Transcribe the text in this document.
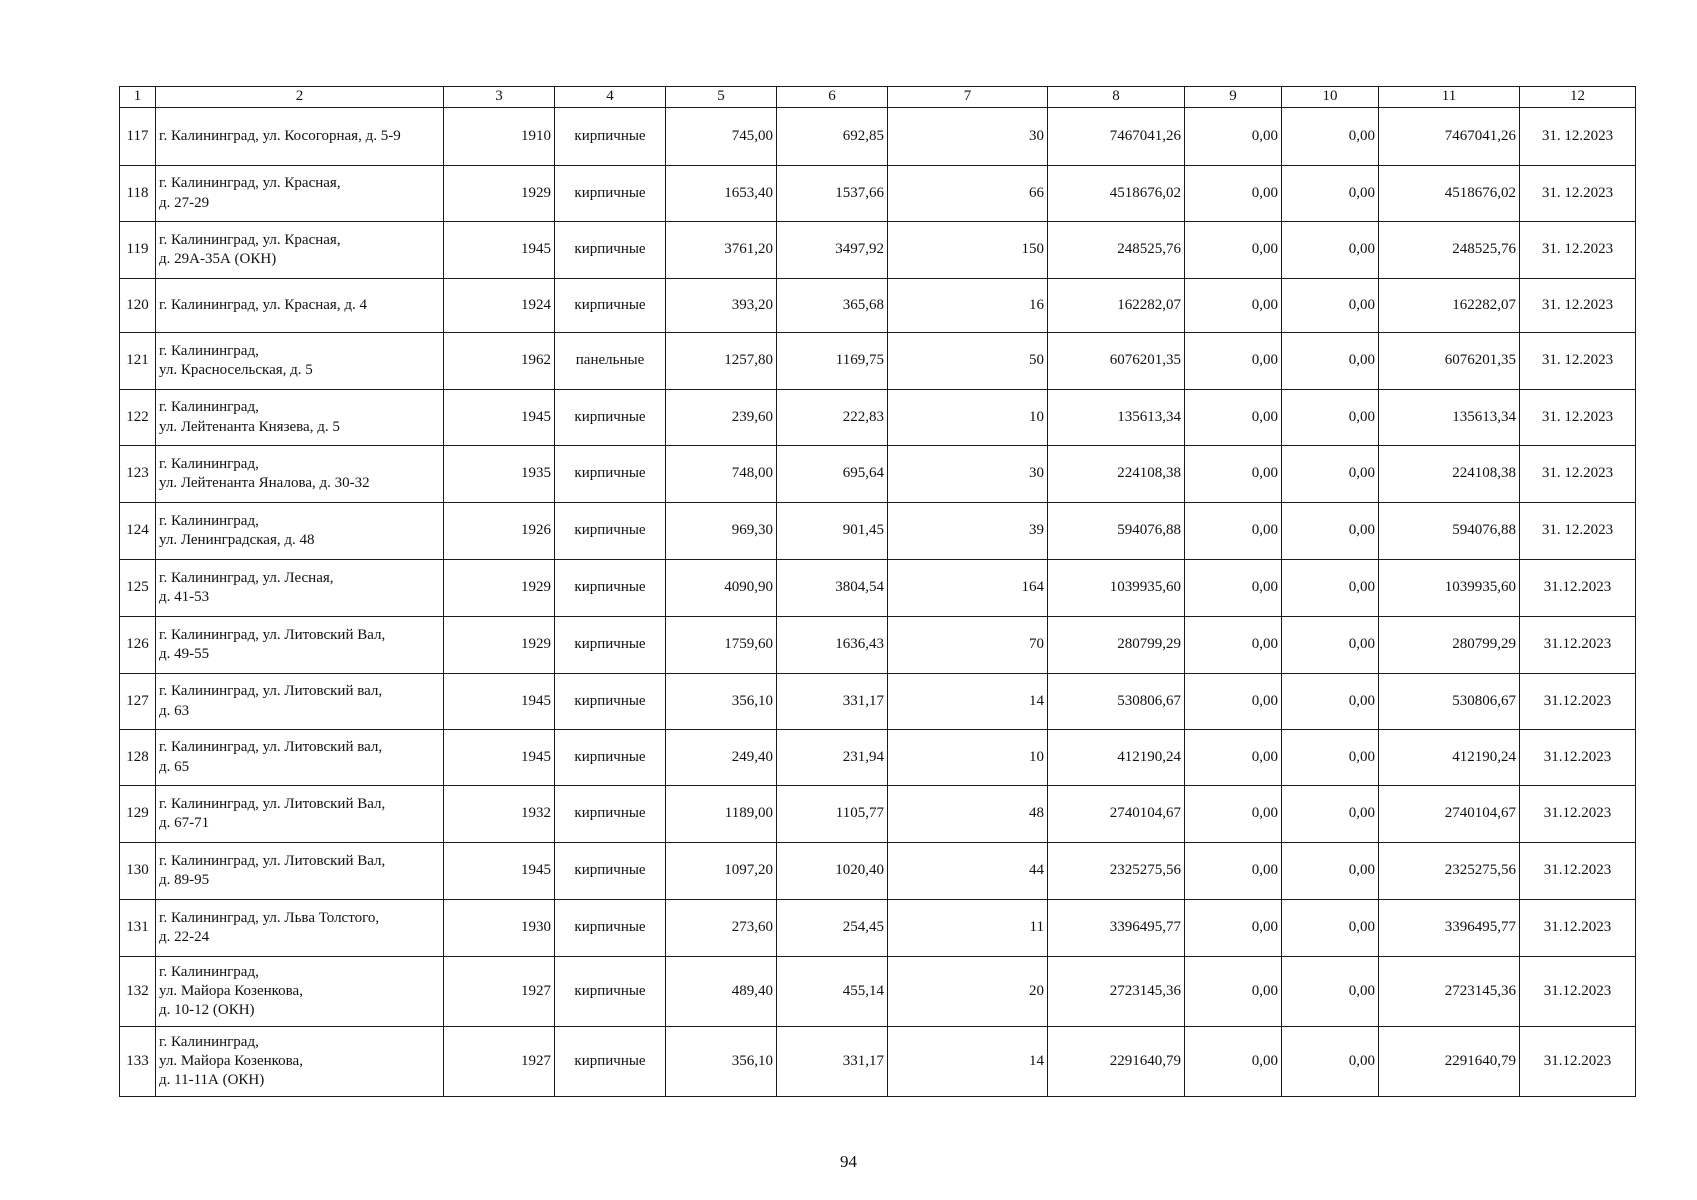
1	2	3	4	5	6	7	8	9	10	11	12
117	г. Калининград, ул. Косогорная, д. 5-9	1910	кирпичные	745,00	692,85	30	7467041,26	0,00	0,00	7467041,26	31. 12.2023
118	г. Калининград, ул. Красная,
д. 27-29	1929	кирпичные	1653,40	1537,66	66	4518676,02	0,00	0,00	4518676,02	31. 12.2023
119	г. Калининград, ул. Красная,
д. 29А-35А (ОКН)	1945	кирпичные	3761,20	3497,92	150	248525,76	0,00	0,00	248525,76	31. 12.2023
120	г. Калининград, ул. Красная, д. 4	1924	кирпичные	393,20	365,68	16	162282,07	0,00	0,00	162282,07	31. 12.2023
121	г. Калининград,
ул. Красносельская, д. 5	1962	панельные	1257,80	1169,75	50	6076201,35	0,00	0,00	6076201,35	31. 12.2023
122	г. Калининград,
ул. Лейтенанта Князева, д. 5	1945	кирпичные	239,60	222,83	10	135613,34	0,00	0,00	135613,34	31. 12.2023
123	г. Калининград,
ул. Лейтенанта Яналова, д. 30-32	1935	кирпичные	748,00	695,64	30	224108,38	0,00	0,00	224108,38	31. 12.2023
124	г. Калининград,
ул. Ленинградская, д. 48	1926	кирпичные	969,30	901,45	39	594076,88	0,00	0,00	594076,88	31. 12.2023
125	г. Калининград, ул. Лесная,
д. 41-53	1929	кирпичные	4090,90	3804,54	164	1039935,60	0,00	0,00	1039935,60	31.12.2023
126	г. Калининград, ул. Литовский Вал,
д. 49-55	1929	кирпичные	1759,60	1636,43	70	280799,29	0,00	0,00	280799,29	31.12.2023
127	г. Калининград, ул. Литовский вал,
д. 63	1945	кирпичные	356,10	331,17	14	530806,67	0,00	0,00	530806,67	31.12.2023
128	г. Калининград, ул. Литовский вал,
д. 65	1945	кирпичные	249,40	231,94	10	412190,24	0,00	0,00	412190,24	31.12.2023
129	г. Калининград, ул. Литовский Вал,
д. 67-71	1932	кирпичные	1189,00	1105,77	48	2740104,67	0,00	0,00	2740104,67	31.12.2023
130	г. Калининград, ул. Литовский Вал,
д. 89-95	1945	кирпичные	1097,20	1020,40	44	2325275,56	0,00	0,00	2325275,56	31.12.2023
131	г. Калининград, ул. Льва Толстого,
д. 22-24	1930	кирпичные	273,60	254,45	11	3396495,77	0,00	0,00	3396495,77	31.12.2023
132	г. Калининград,
ул. Майора Козенкова,
д. 10-12 (ОКН)	1927	кирпичные	489,40	455,14	20	2723145,36	0,00	0,00	2723145,36	31.12.2023
133	г. Калининград,
ул. Майора Козенкова,
д. 11-11А (ОКН)	1927	кирпичные	356,10	331,17	14	2291640,79	0,00	0,00	2291640,79	31.12.2023
94
